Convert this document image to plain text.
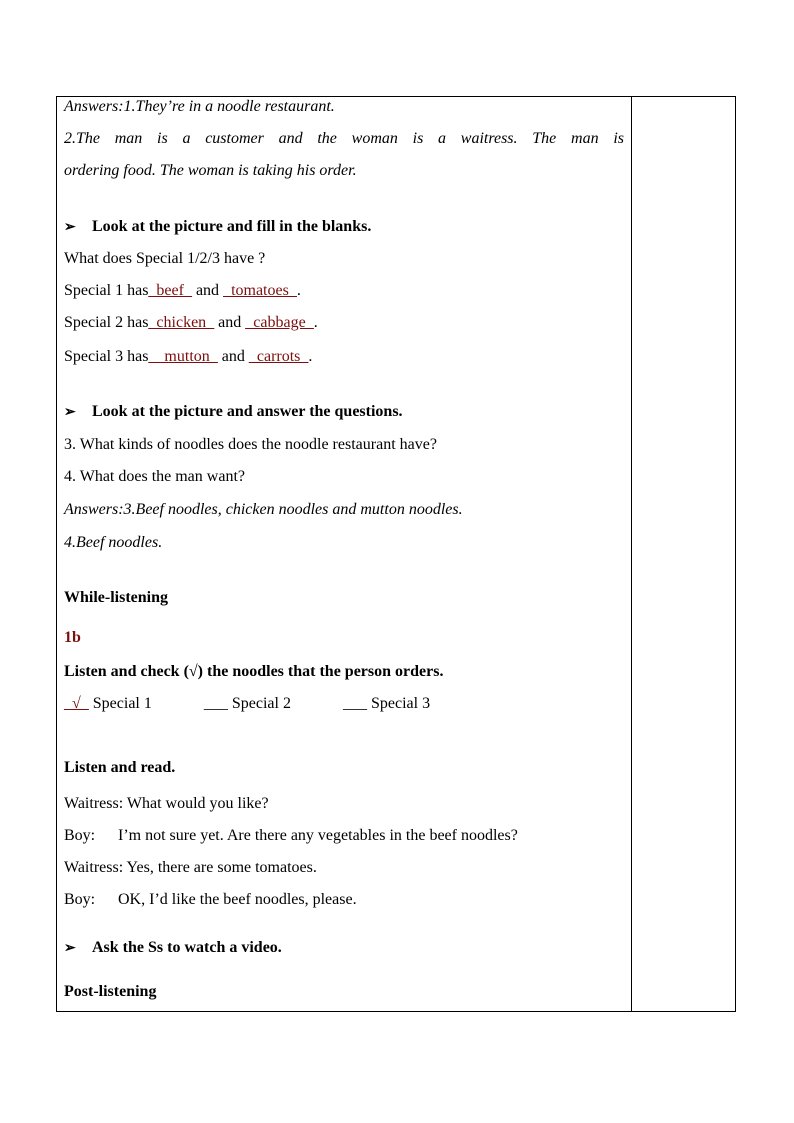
Answers:1.They’re in a noodle restaurant.
2.The man is a customer and the woman is a waitress. The man is
ordering food. The woman is taking his order.
➢ Look at the picture and fill in the blanks.
What does Special 1/2/3 have ?
Special 1 has_beef_ and _tomatoes_.
Special 2 has_chicken_ and _cabbage_.
Special 3 has__mutton_ and _carrots_.
➢ Look at the picture and answer the questions.
3. What kinds of noodles does the noodle restaurant have?
4. What does the man want?
Answers:3.Beef noodles, chicken noodles and mutton noodles.
4.Beef noodles.
While-listening
1b
Listen and check (√) the noodles that the person orders.
_√_ Special 1	___ Special 2	___ Special 3
Listen and read.
Waitress: What would you like?
Boy: I’m not sure yet. Are there any vegetables in the beef noodles?
Waitress: Yes, there are some tomatoes.
Boy: OK, I’d like the beef noodles, please.
➢ Ask the Ss to watch a video.
Post-listening
